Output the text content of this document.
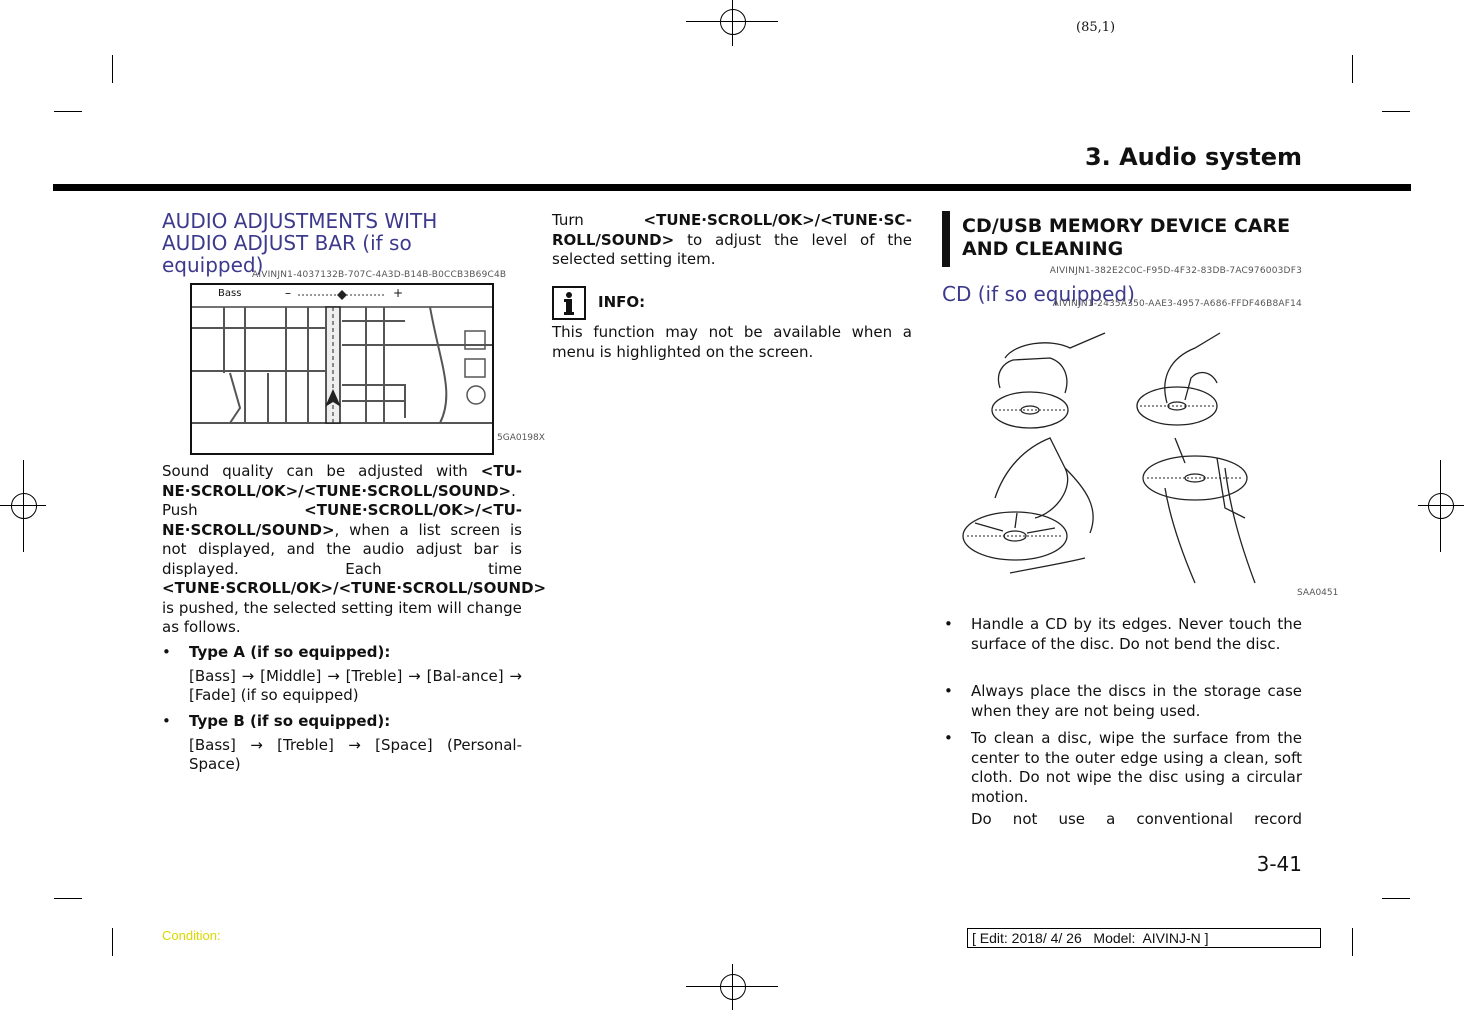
(85,1)
3. Audio system
AUDIO ADJUSTMENTS WITH
AUDIO ADJUST BAR (if so
equipped)
AIVINJN1-4037132B-707C-4A3D-B14B-B0CCB3B69C4B
Bass	–	+
5GA0198X
Sound quality can be adjusted with <TU-NE·SCROLL/OK>/<TUNE·SCROLL/SOUND>. Push <TUNE·SCROLL/OK>/<TU-NE·SCROLL/SOUND>, when a list screen is not displayed, and the audio adjust bar is displayed. Each time <TUNE·SCROLL/OK>/<TUNE·SCROLL/SOUND> is pushed, the selected setting item will change as follows.
• Type A (if so equipped):
[Bass] → [Middle] → [Treble] → [Bal-ance] → [Fade] (if so equipped)
• Type B (if so equipped):
[Bass] → [Treble] → [Space] (Personal-Space)
Turn <TUNE·SCROLL/OK>/<TUNE·SC-ROLL/SOUND> to adjust the level of the selected setting item.
INFO:
This function may not be available when a menu is highlighted on the screen.
CD/USB MEMORY DEVICE CARE
AND CLEANING
AIVINJN1-382E2C0C-F95D-4F32-83DB-7AC976003DF3
CD (if so equipped)
AIVINJN1-2435A350-AAE3-4957-A686-FFDF46B8AF14
SAA0451
• Handle a CD by its edges. Never touch the surface of the disc. Do not bend the disc.
• Always place the discs in the storage case when they are not being used.
• To clean a disc, wipe the surface from the center to the outer edge using a clean, soft cloth. Do not wipe the disc using a circular motion.
Do not use a conventional record
3-41
Condition:	[ Edit: 2018/ 4/ 26   Model:  AIVINJ-N ]
